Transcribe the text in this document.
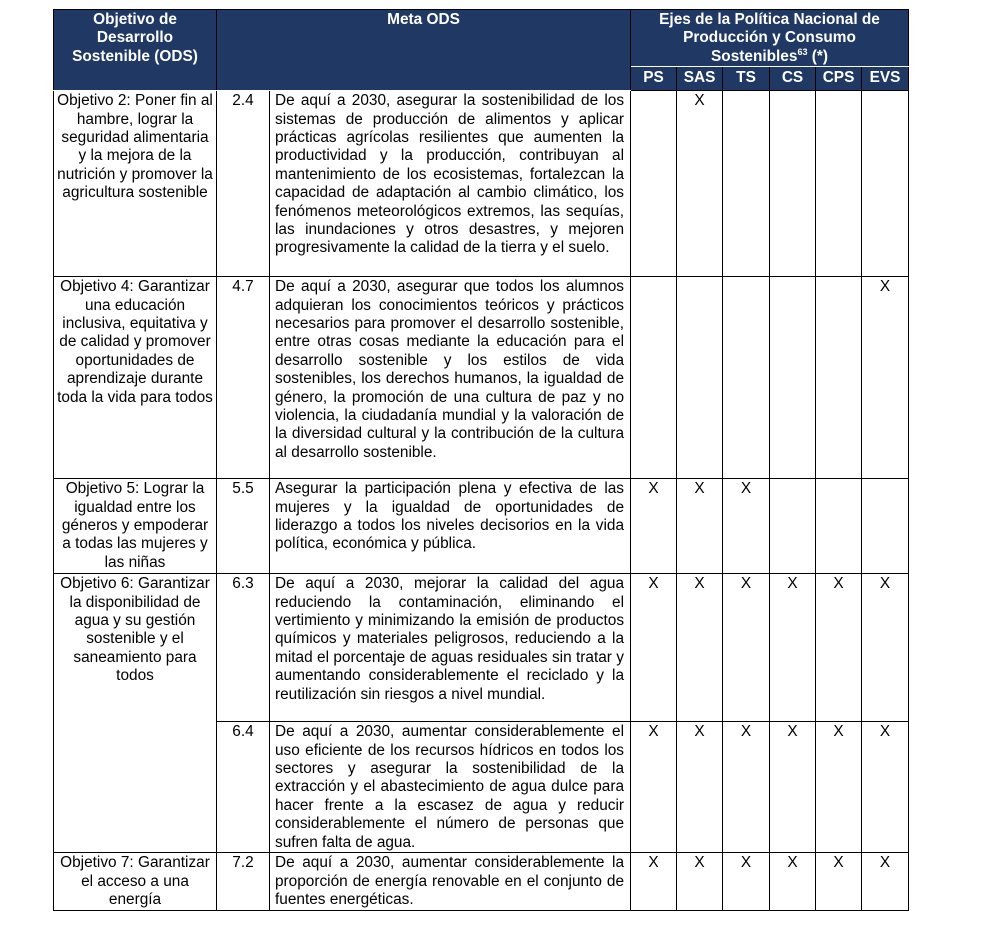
Objetivo de Desarrollo Sostenible (ODS)	Meta ODS		Ejes de la Política Nacional de Producción y Consumo Sostenibles$^{63}$ (*)					
			PS	SAS	TS	CS	CPS	EVS
Objetivo 2: Poner fin al hambre, lograr la seguridad alimentaria y la mejora de la nutrición y promover la agricultura sostenible	2.4	De aquí a 2030, asegurar la sostenibilidad de los sistemas de producción de alimentos y aplicar prácticas agrícolas resilientes que aumenten la productividad y la producción, contribuyan al mantenimiento de los ecosistemas, fortalezcan la capacidad de adaptación al cambio climático, los fenómenos meteorológicos extremos, las sequías, las inundaciones y otros desastres, y mejoren progresivamente la calidad de la tierra y el suelo.		X				
Objetivo 4: Garantizar una educación inclusiva, equitativa y de calidad y promover oportunidades de aprendizaje durante toda la vida para todos	4.7	De aquí a 2030, asegurar que todos los alumnos adquieran los conocimientos teóricos y prácticos necesarios para promover el desarrollo sostenible, entre otras cosas mediante la educación para el desarrollo sostenible y los estilos de vida sostenibles, los derechos humanos, la igualdad de género, la promoción de una cultura de paz y no violencia, la ciudadanía mundial y la valoración de la diversidad cultural y la contribución de la cultura al desarrollo sostenible.						X
Objetivo 5: Lograr la igualdad entre los géneros y empoderar a todas las mujeres y las niñas	5.5	Asegurar la participación plena y efectiva de las mujeres y la igualdad de oportunidades de liderazgo a todos los niveles decisorios en la vida política, económica y pública.	X	X	X			
Objetivo 6: Garantizar la disponibilidad de agua y su gestión sostenible y el saneamiento para todos	6.3	De aquí a 2030, mejorar la calidad del agua reduciendo la contaminación, eliminando el vertimiento y minimizando la emisión de productos químicos y materiales peligrosos, reduciendo a la mitad el porcentaje de aguas residuales sin tratar y aumentando considerablemente el reciclado y la reutilización sin riesgos a nivel mundial.	X	X	X	X	X	X
	6.4	De aquí a 2030, aumentar considerablemente el uso eficiente de los recursos hídricos en todos los sectores y asegurar la sostenibilidad de la extracción y el abastecimiento de agua dulce para hacer frente a la escasez de agua y reducir considerablemente el número de personas que sufren falta de agua.	X	X	X	X	X	X
Objetivo 7: Garantizar el acceso a una energía	7.2	De aquí a 2030, aumentar considerablemente la proporción de energía renovable en el conjunto de fuentes energéticas.	X	X	X	X	X	X
